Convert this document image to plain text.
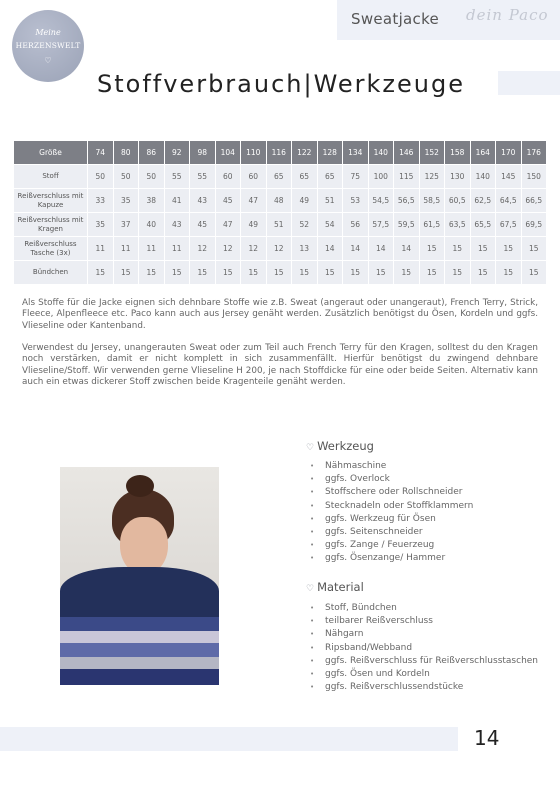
Sweatjacke dein Paco
Meine
HERZENSWELT
♡
Stoffverbrauch|Werkzeuge
Größe	74	80	86	92	98	104	110	116	122	128	134	140	146	152	158	164	170	176
Stoff	50	50	50	55	55	60	60	65	65	65	75	100	115	125	130	140	145	150
Reißverschluss mit Kapuze	33	35	38	41	43	45	47	48	49	51	53	54,5	56,5	58,5	60,5	62,5	64,5	66,5
Reißverschluss mit Kragen	35	37	40	43	45	47	49	51	52	54	56	57,5	59,5	61,5	63,5	65,5	67,5	69,5
Reißverschluss Tasche (3x)	11	11	11	11	12	12	12	12	13	14	14	14	14	15	15	15	15	15
Bündchen	15	15	15	15	15	15	15	15	15	15	15	15	15	15	15	15	15	15

Als Stoffe für die Jacke eignen sich dehnbare Stoffe wie z.B. Sweat (angeraut oder unangeraut), French Terry, Strick, Fleece, Alpenfleece etc. Paco kann auch aus Jersey genäht werden. Zusätzlich benötigst du Ösen, Kordeln und ggfs. Vlieseline oder Kantenband.

Verwendest du Jersey, unangerauten Sweat oder zum Teil auch French Terry für den Kragen, solltest du den Kragen noch verstärken, damit er nicht komplett in sich zusammenfällt. Hierfür benötigst du zwingend dehnbare Vlieseline/Stoff. Wir verwenden gerne Vlieseline H 200, je nach Stoffdicke für eine oder beide Seiten. Alternativ kann auch ein etwas dickerer Stoff zwischen beide Kragenteile genäht werden.

♡ Werkzeug
• Nähmaschine
• ggfs. Overlock
• Stoffschere oder Rollschneider
• Stecknadeln oder Stoffklammern
• ggfs. Werkzeug für Ösen
• ggfs. Seitenschneider
• ggfs. Zange / Feuerzeug
• ggfs. Ösenzange/ Hammer
♡ Material
• Stoff, Bündchen
• teilbarer Reißverschluss
• Nähgarn
• Ripsband/Webband
• ggfs. Reißverschluss für Reißverschlusstaschen
• ggfs. Ösen und Kordeln
• ggfs. Reißverschlussendstücke
14
